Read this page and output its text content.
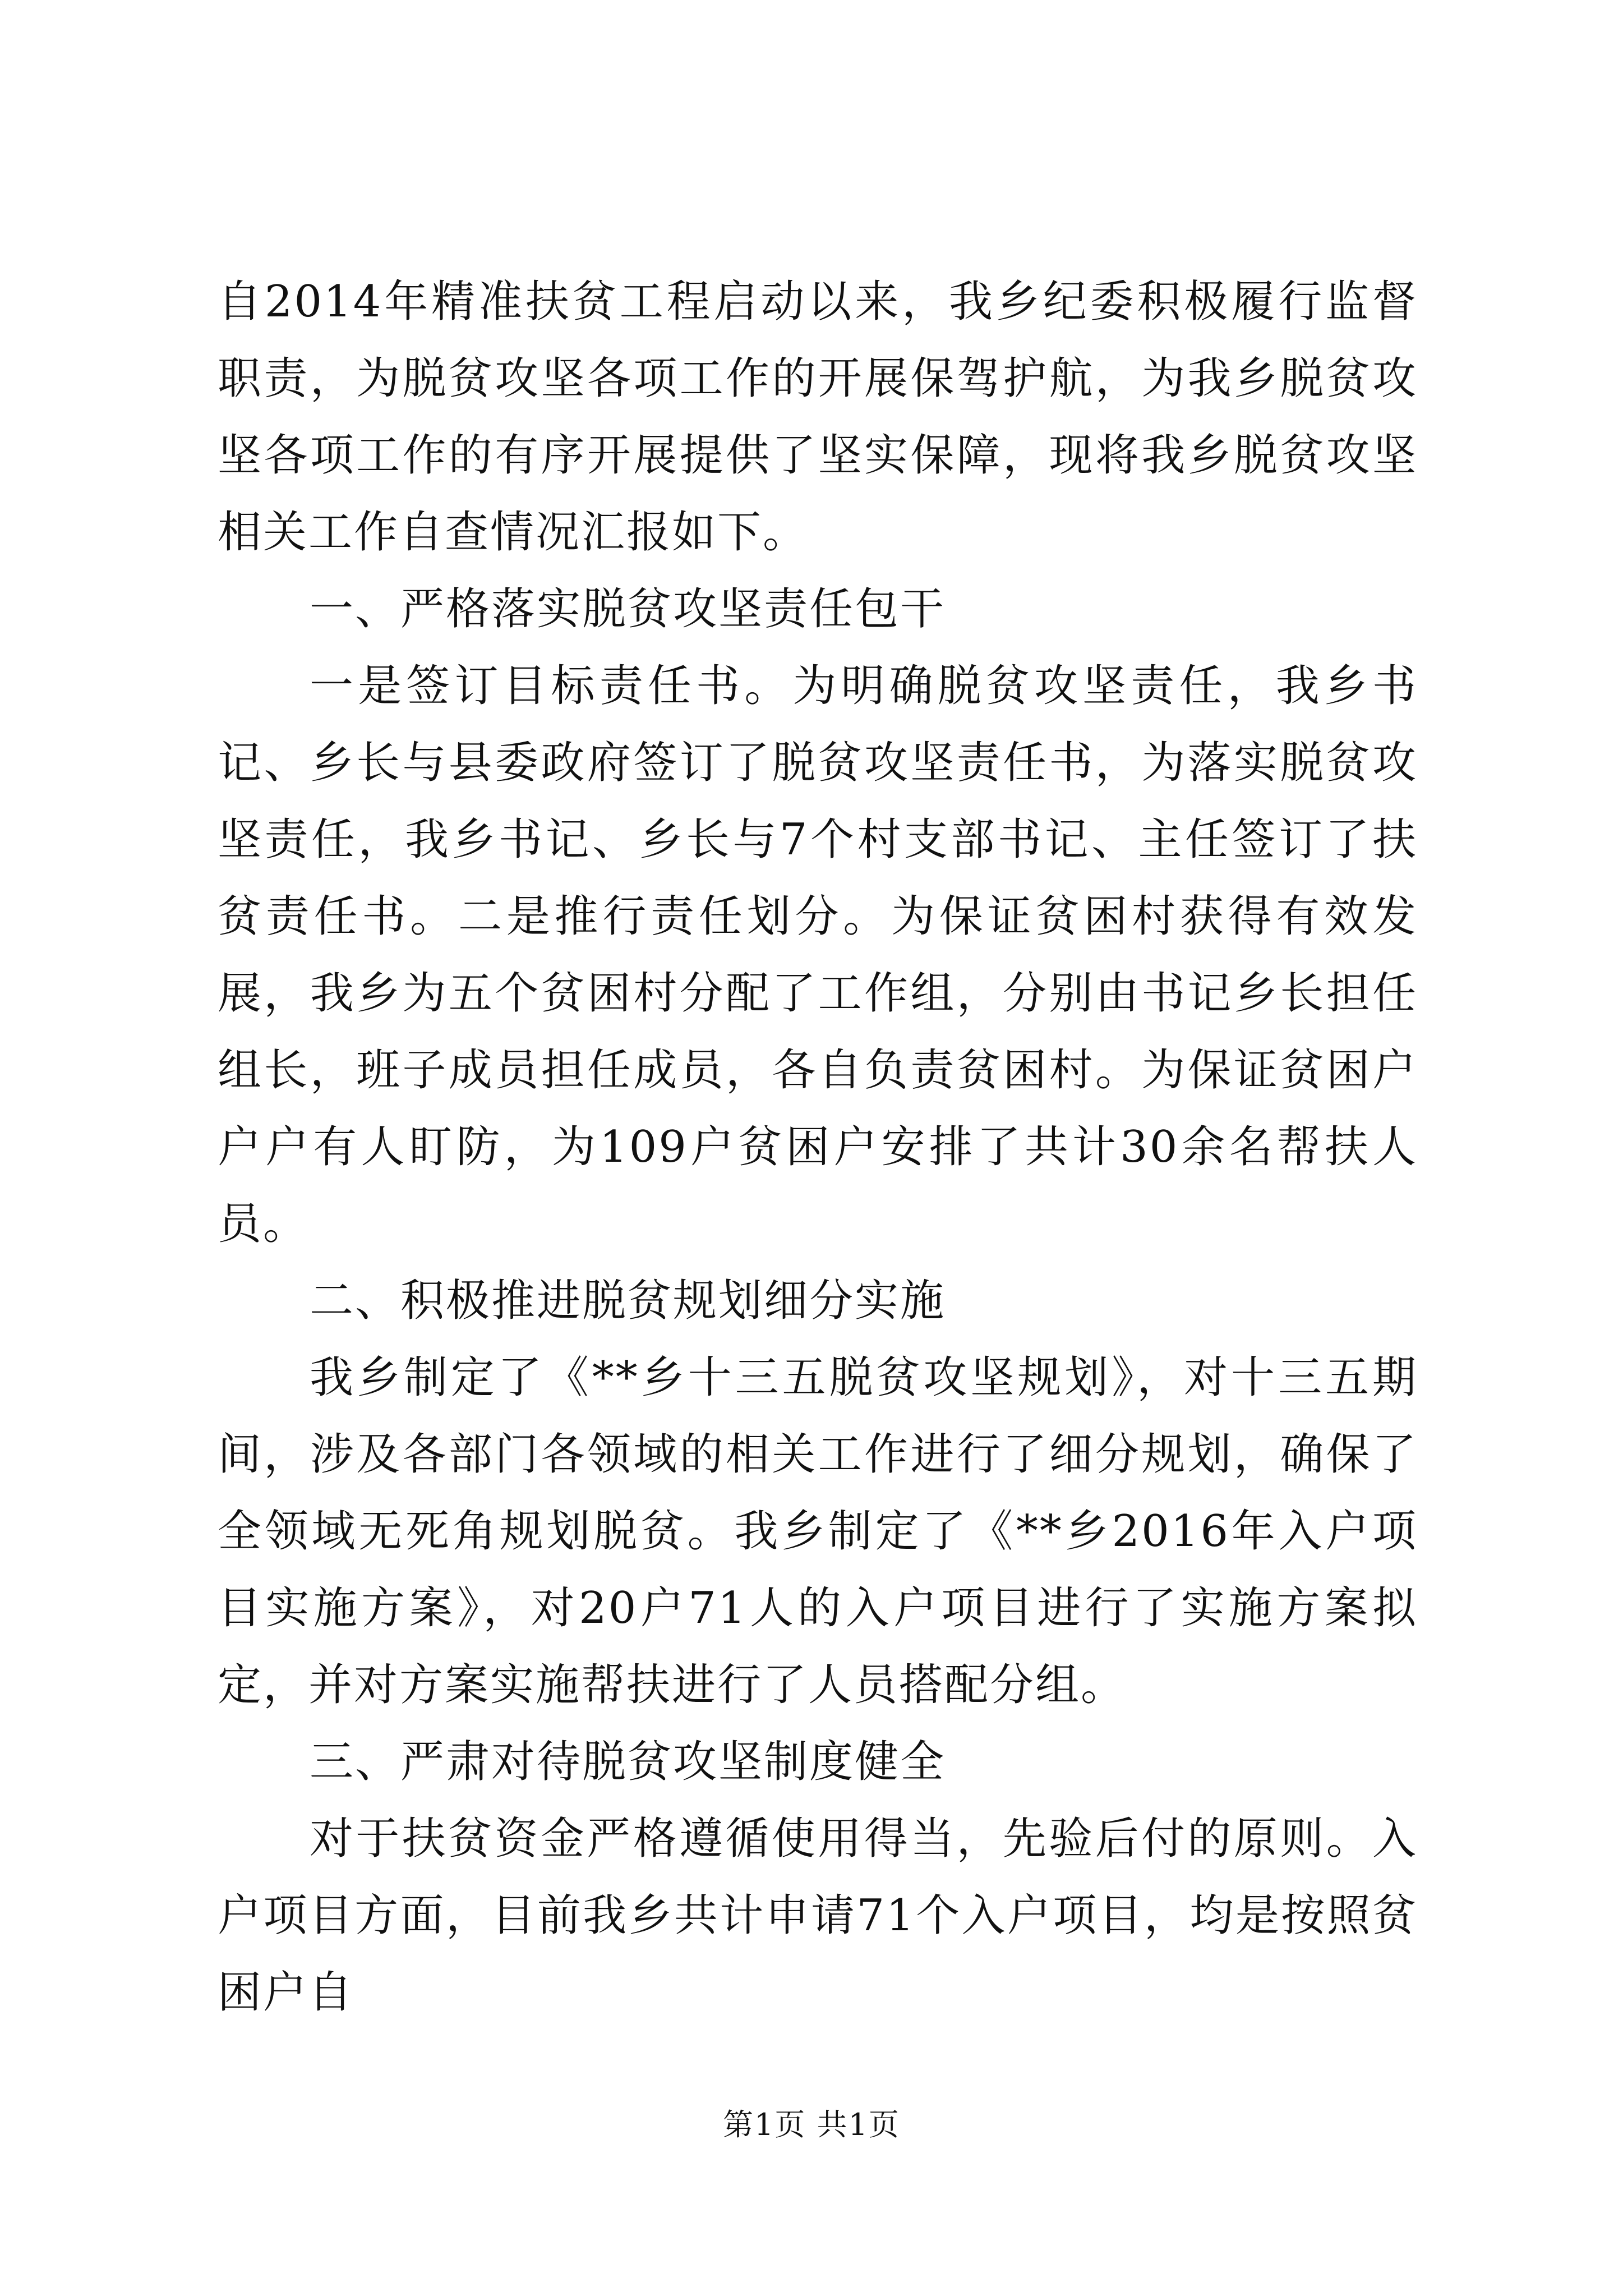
自2014年精准扶贫工程启动以来，我乡纪委积极履行监督职责，为脱贫攻坚各项工作的开展保驾护航，为我乡脱贫攻坚各项工作的有序开展提供了坚实保障，现将我乡脱贫攻坚相关工作自查情况汇报如下。

一、严格落实脱贫攻坚责任包干

一是签订目标责任书。为明确脱贫攻坚责任，我乡书记、乡长与县委政府签订了脱贫攻坚责任书，为落实脱贫攻坚责任，我乡书记、乡长与7个村支部书记、主任签订了扶贫责任书。二是推行责任划分。为保证贫困村获得有效发展，我乡为五个贫困村分配了工作组，分别由书记乡长担任组长，班子成员担任成员，各自负责贫困村。为保证贫困户户户有人盯防，为109户贫困户安排了共计30余名帮扶人员。

二、积极推进脱贫规划细分实施

我乡制定了《**乡十三五脱贫攻坚规划》，对十三五期间，涉及各部门各领域的相关工作进行了细分规划，确保了全领域无死角规划脱贫。我乡制定了《**乡2016年入户项目实施方案》，对20户71人的入户项目进行了实施方案拟定，并对方案实施帮扶进行了人员搭配分组。

三、严肃对待脱贫攻坚制度健全

对于扶贫资金严格遵循使用得当，先验后付的原则。入户项目方面，目前我乡共计申请71个入户项目，均是按照贫困户自

第1页 共1页
